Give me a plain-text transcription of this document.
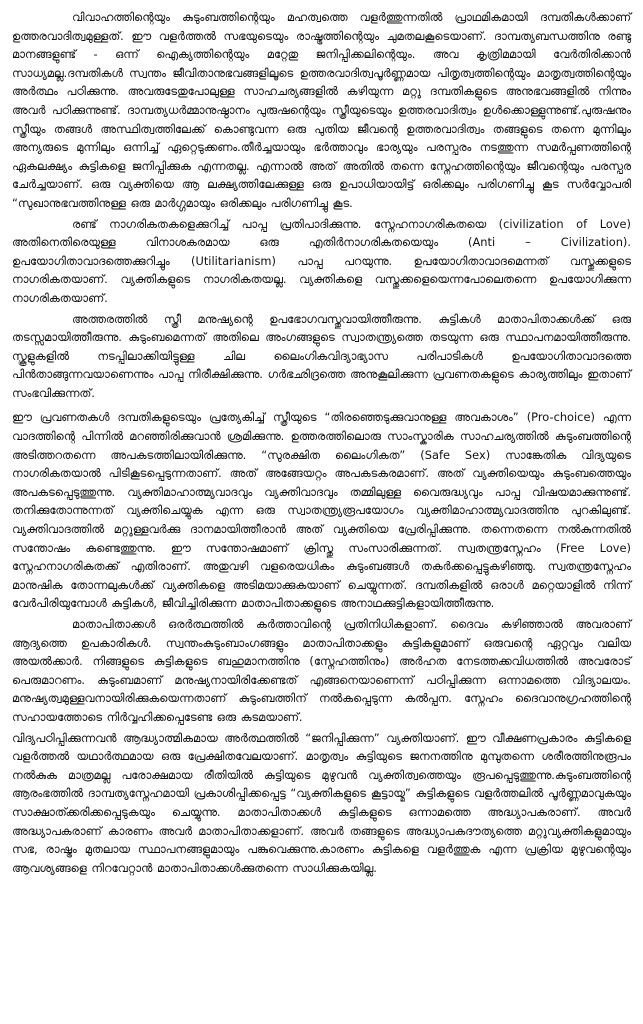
വിവാഹത്തിന്റെയും കുടുംബത്തിന്റെയും മഹത്വത്തെ വളർത്തുന്നതിൽ പ്രാഥമികമായി ദമ്പതികൾക്കാണ് ഉത്തരവാദിത്വമുള്ളത്. ഈ വളർത്തൽ സഭയുടെയും രാഷ്ട്രത്തിന്റെയും ചുമതലകൂടെയാണ്. ദാമ്പത്യബന്ധത്തിനു രണ്ടു മാനങ്ങളുണ്ട് - ഒന്ന് ഐക്യത്തിന്റെയും മറ്റേതു ജനിപ്പിക്കലിന്റെയും. അവ കൃത്രിമമായി വേർതിരിക്കാൻ സാധ്യമല്ല.ദമ്പതികൾ സ്വന്തം ജീവിതാനുഭവങ്ങളിലൂടെ ഉത്തരവാദിത്വപൂർണ്ണമായ പിതൃത്വത്തിന്റെയും മാതൃത്വത്തിന്റെയും അർത്ഥം പഠിക്കുന്നു. അവരുടേതുപോലുള്ള സാഹചര്യങ്ങളിൽ കഴിയുന്ന മറ്റു ദമ്പതികളുടെ അനുഭവങ്ങളിൽ നിന്നും അവർ പഠിക്കുന്നുണ്ട്. ദാമ്പത്യധർമ്മാനുഷ്ഠാനം പുരുഷന്റെയും സ്ത്രീയുടെയും ഉത്തരവാദിത്വം ഉൾക്കൊള്ളുന്നുണ്ട്.പുരുഷനും സ്ത്രീയും തങ്ങൾ അസ്ഥിത്വത്തിലേക്ക് കൊണ്ടുവന്ന ഒരു പുതിയ ജീവന്റെ ഉത്തരവാദിത്വം തങ്ങളുടെ തന്നെ മുന്നിലും അന്യരുടെ മുന്നിലും ഒന്നിച്ച് ഏറ്റെടുക്കണം.തീർച്ചയായും ഭർത്താവും ഭാര്യയും പരസ്പരം നടത്തുന്ന സമർപ്പണത്തിന്റെ ഏകലക്ഷ്യം കുട്ടികളെ ജനിപ്പിക്കുക എന്നതല്ല. എന്നാൽ അത് അതിൽ തന്നെ സ്നേഹത്തിന്റെയും ജീവന്റെയും പരസ്പര ചേർച്ചയാണ്. ഒരു വ്യക്തിയെ ആ ലക്ഷ്യത്തിലേക്കുള്ള ഒരു ഉപാധിയായിട്ട് ഒരിക്കലും പരിഗണിച്ചു കൂട സർവ്വോപരി “സുഖാനുഭവത്തിനുള്ള ഒരു മാർഗ്ഗമായും ഒരിക്കലും പരിഗണിച്ചു കൂട.

രണ്ട് നാഗരികതകളെക്കുറിച്ച് പാപ്പ പ്രതിപാദിക്കുന്നു. സ്നേഹനാഗരികതയെ (civilization of Love) അതിനെതിരെയുള്ള വിനാശകരമായ ഒരു എതിർനാഗരികതയെയും (Anti – Civilization). ഉപയോഗിതാവാദത്തെക്കുറിച്ചും (Utilitarianism) പാപ്പ പറയുന്നു. ഉപയോഗിതാവാദമെന്നത് വസ്തുക്കളുടെ നാഗരികതയാണ്. വ്യക്തികളുടെ നാഗരികതയല്ല. വ്യക്തികളെ വസ്തുക്കളെയെന്നപോലെതന്നെ ഉപയോഗിക്കുന്ന നാഗരികതയാണ്.

അത്തരത്തിൽ സ്ത്രീ മനുഷ്യന്റെ ഉപഭോഗവസ്തുവായിത്തീരുന്നു. കുട്ടികൾ മാതാപിതാക്കൾക്ക് ഒരു തടസ്സമായിത്തീരുന്നു. കുടുംബമെന്നത് അതിലെ അംഗങ്ങളുടെ സ്വാതന്ത്ര്യത്തെ തടയുന്ന ഒരു സ്ഥാപനമായിത്തീരുന്നു. സ്കൂളുകളിൽ നടപ്പിലാക്കിയിട്ടുള്ള ചില ലൈംഗികവിദ്യാഭ്യാസ പരിപാടികൾ ഉപയോഗിതാവാദത്തെ പിൻതാങ്ങുന്നവയാണെന്നും പാപ്പ നിരീക്ഷിക്കുന്നു. ഗർഭഛിദ്രത്തെ അനുകൂലിക്കുന്ന പ്രവണതകളുടെ കാര്യത്തിലും ഇതാണ് സംഭവിക്കുന്നത്.

ഈ പ്രവണതകൾ ദമ്പതികളുടെയും പ്രത്യേകിച്ച് സ്ത്രീയുടെ “തിരഞ്ഞെടുക്കുവാനുള്ള അവകാശം” (Pro-choice) എന്ന വാദത്തിന്റെ പിന്നിൽ മറഞ്ഞിരിക്കുവാൻ ശ്രമിക്കുന്നു. ഉത്തരത്തിലൊരു സാംസ്കാരിക സാഹചര്യത്തിൽ കുടുംബത്തിന്റെ അടിത്തറതന്നെ അപകടത്തിലായിരിക്കുന്നു. “സുരക്ഷിത ലൈംഗികത” (Safe Sex) സാങ്കേതിക വിദ്യയുടെ നാഗരികതയാൽ പിടികൂടപ്പെടുന്നതാണ്. അത് അങ്ങേയറ്റം അപകടകരമാണ്. അത് വ്യക്തിയെയും കുടുംബത്തെയും അപകടപ്പെടുത്തുന്നു. വ്യക്തിമാഹാത്മ്യവാദവും വ്യക്തിവാദവും തമ്മിലുള്ള വൈരുദ്ധ്യവും പാപ്പ വിഷയമാക്കുന്നുണ്ട്. തനിക്കുതോന്നുന്നത് വ്യക്തിചെയ്യുക എന്ന ഒരു സ്വാതന്ത്ര്യരൂപയോഗം വ്യക്തിമാഹാത്മ്യവാദത്തിനു പുറകിലുണ്ട്. വ്യക്തിവാദത്തിൽ മറ്റുള്ളവർക്കു ദാനമായിത്തീരാൻ അത് വ്യക്തിയെ പ്രേരിപ്പിക്കുന്നു. തന്നെതന്നെ നൽകുന്നതിൽ സന്തോഷം കണ്ടെത്തുന്നു. ഈ സന്തോഷമാണ് ക്രിസ്തു സംസാരിക്കുന്നത്. സ്വതന്ത്രസ്നേഹം (Free Love) സ്നേഹനാഗരികതക്ക് എതിരാണ്. അതുവഴി വളരെയധികം കുടുംബങ്ങൾ തകർക്കപ്പെട്ടുകഴിഞ്ഞു. സ്വതന്ത്രസ്നേഹം മാനുഷിക തോന്നലുകൾക്ക് വ്യക്തികളെ അടിമയാക്കുകയാണ് ചെയ്യുന്നത്. ദമ്പതികളിൽ ഒരാൾ മറ്റെയാളിൽ നിന്ന് വേർപിരിയുമ്പോൾ കുട്ടികൾ, ജീവിച്ചിരിക്കുന്ന മാതാപിതാക്കളുടെ അനാഥക്കുട്ടികളായിത്തീരുന്നു.

മാതാപിതാക്കൾ ഒരർത്ഥത്തിൽ കർത്താവിന്റെ പ്രതിനിധികളാണ്. ദൈവം കഴിഞ്ഞാൽ അവരാണ് ആദ്യത്തെ ഉപകാരികൾ. സ്വന്തംകുടുംബാംഗങ്ങളും മാതാപിതാക്കളും കുട്ടികളുമാണ് ഒരുവന്റെ ഏറ്റവും വലിയ അയൽക്കാർ. നിങ്ങളുടെ കുട്ടികളുടെ ബഹുമാനത്തിനു (സ്നേഹത്തിനും) അർഹത നേടത്തക്കവിധത്തിൽ അവരോട് പെരുമാറണം. കുടുംബമാണ് മനുഷ്യനായിരിക്കേണ്ടത് എങ്ങനെയാണെന്ന് പഠിപ്പിക്കുന്ന ഒന്നാമത്തെ വിദ്യാലയം. മനുഷ്യത്വമുള്ളവനായിരിക്കുകയെന്നതാണ് കുടുംബത്തിന് നൽകപ്പെടുന്ന കൽപ്പന. സ്നേഹം ദൈവാനുഗ്രഹത്തിന്റെ സഹായത്തോടെ നിർവ്വഹിക്കപ്പെടേണ്ട ഒരു കടമയാണ്.

വിദ്യപഠിപ്പിക്കുന്നവൻ ആദ്ധ്യാത്മികമായ അർത്ഥത്തിൽ “ജനിപ്പിക്കുന്ന” വ്യക്തിയാണ്. ഈ വീക്ഷണപ്രകാരം കുട്ടികളെ വളർത്തൽ യഥാർത്ഥമായ ഒരു പ്രേക്ഷിതവേലയാണ്. മാതൃത്വം കുട്ടിയുടെ ജനനത്തിനു മുമ്പുതന്നെ ശരീരത്തിനുരൂപം നൽകുക മാത്രമല്ല പരോക്ഷമായ രീതിയിൽ കുട്ടിയുടെ മുഴുവൻ വ്യക്തിത്വത്തെയും രൂപപ്പെടുത്തുന്നു.കുടുംബത്തിന്റെ ആരംഭത്തിൽ ദാമ്പത്യസ്നേഹമായി പ്രകാശിപ്പിക്കപ്പെട്ട “വ്യക്തികളുടെ കൂട്ടായ്മ” കുട്ടികളുടെ വളർത്തലിൽ പൂർണ്ണമാവുകയും സാക്ഷാത്ക്കരിക്കപ്പെടുകയും ചെയ്യുന്നു. മാതാപിതാക്കൾ കുട്ടികളുടെ ഒന്നാമത്തെ അദ്ധ്യാപകരാണ്. അവർ അദ്ധ്യാപകരാണ് കാരണം അവർ മാതാപിതാക്കളാണ്. അവർ തങ്ങളുടെ അദ്ധ്യാപകദൗത്യത്തെ മറ്റുവ്യക്തികളുമായും സഭ, രാഷ്ട്രം മുതലായ സ്ഥാപനങ്ങളുമായും പങ്കുവെക്കുന്നു.കാരണം കുട്ടികളെ വളർത്തുക എന്ന പ്രക്രിയ മുഴുവന്റെയും ആവശ്യങ്ങളെ നിറവേറ്റാൻ മാതാപിതാക്കൾക്കുതന്നെ സാധിക്കുകയില്ല.
